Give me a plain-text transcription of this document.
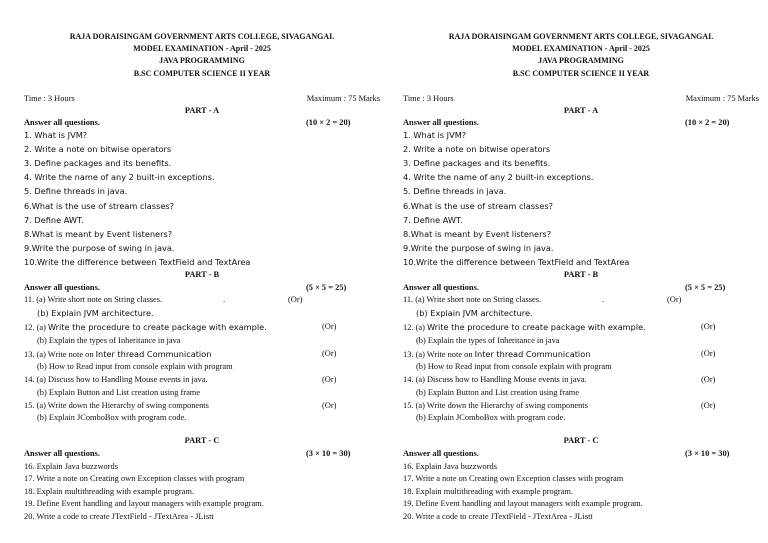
RAJA DORAISINGAM GOVERNMENT ARTS COLLEGE, SIVAGANGAI.
MODEL EXAMINATION - April - 2025
JAVA PROGRAMMING
B.SC COMPUTER SCIENCE II YEAR
Time : 3 Hours	Maximum : 75 Marks
PART - A
Answer all questions.	(10 × 2 = 20)
1. What is JVM?
2. Write a note on bitwise operators
3. Define packages and its benefits.
4. Write the name of any 2 built-in exceptions.
5. Define threads in java.
6.What is the use of stream classes?
7. Define AWT.
8.What is meant by Event listeners?
9.Write the purpose of swing in java.
10.Write the difference between TextField and TextArea
PART - B
Answer all questions.	(5 × 5 = 25)
11. (a) Write short note on String classes.	.	(Or)
(b) Explain JVM architecture.
12. (a) Write the procedure to create package with example.	(Or)
(b) Explain the types of Inheritance in java
13. (a) Write note on Inter thread Communication	(Or)
(b) How to Read input from console explain with program
14. (a) Discuss how to Handling Mouse events in java.	(Or)
(b) Explain Button and List creation using frame
15. (a) Write down the Hierarchy of swing components	(Or)
(b) Explain JComboBox with program code.
PART - C
Answer all questions.	(3 × 10 = 30)
16. Explain Java buzzwords
17. Write a note on Creating own Exception classes with program
18. Explain multithreading with example program.
19. Define Event handling and layout managers with example program.
20. Write a code to create JTextField - JTextArea - JListt
RAJA DORAISINGAM GOVERNMENT ARTS COLLEGE, SIVAGANGAI.
MODEL EXAMINATION - April - 2025
JAVA PROGRAMMING
B.SC COMPUTER SCIENCE II YEAR
Time : 3 Hours	Maximum : 75 Marks
PART - A
Answer all questions.	(10 × 2 = 20)
1. What is JVM?
2. Write a note on bitwise operators
3. Define packages and its benefits.
4. Write the name of any 2 built-in exceptions.
5. Define threads in java.
6.What is the use of stream classes?
7. Define AWT.
8.What is meant by Event listeners?
9.Write the purpose of swing in java.
10.Write the difference between TextField and TextArea
PART - B
Answer all questions.	(5 × 5 = 25)
11. (a) Write short note on String classes.	.	(Or)
(b) Explain JVM architecture.
12. (a) Write the procedure to create package with example.	(Or)
(b) Explain the types of Inheritance in java
13. (a) Write note on Inter thread Communication	(Or)
(b) How to Read input from console explain with program
14. (a) Discuss how to Handling Mouse events in java.	(Or)
(b) Explain Button and List creation using frame
15. (a) Write down the Hierarchy of swing components	(Or)
(b) Explain JComboBox with program code.
PART - C
Answer all questions.	(3 × 10 = 30)
16. Explain Java buzzwords
17. Write a note on Creating own Exception classes with program
18. Explain multithreading with example program.
19. Define Event handling and layout managers with example program.
20. Write a code to create JTextField - JTextArea - JListt
